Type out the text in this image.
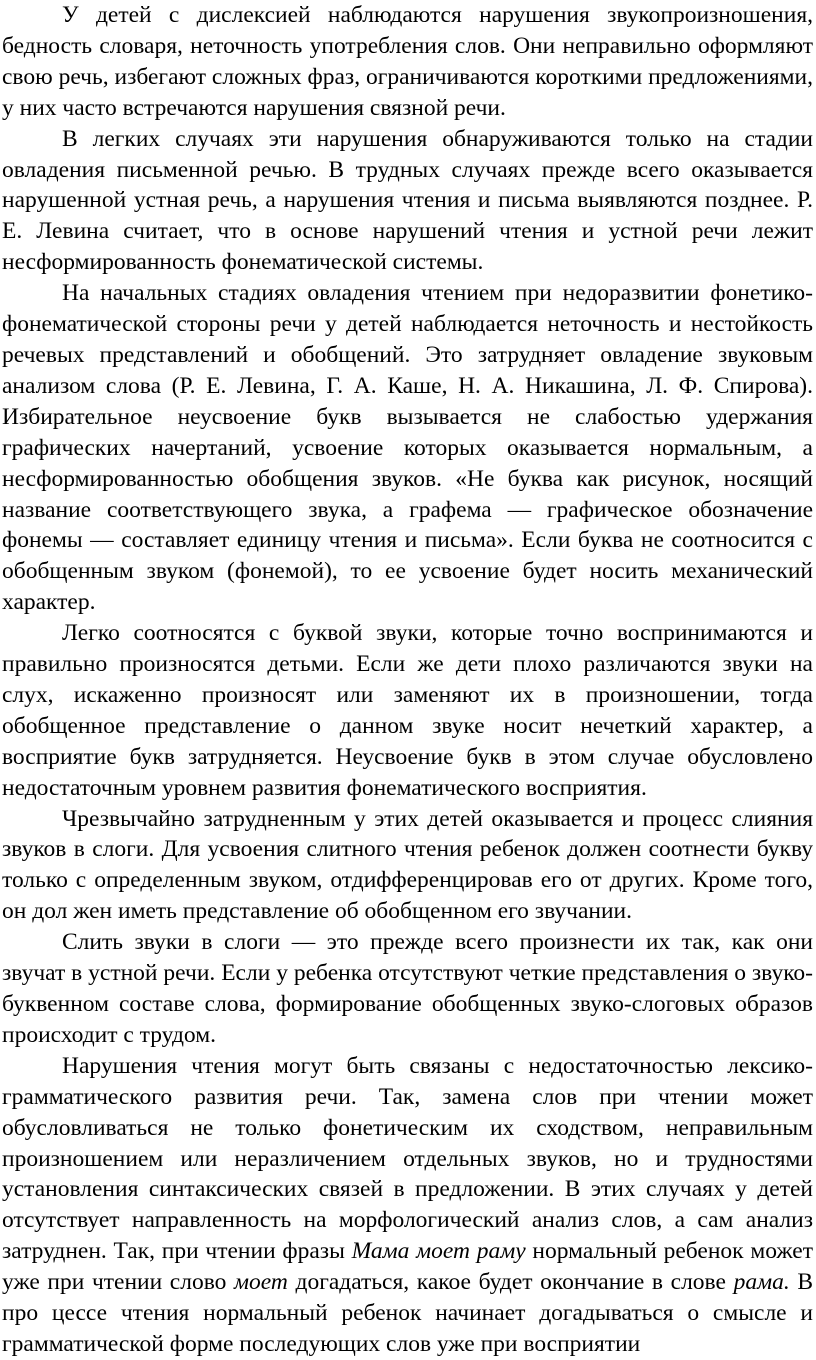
У детей с дислексией наблюдаются нарушения звукопроизношения, бедность словаря, неточность употребления слов. Они неправильно оформляют свою речь, избегают сложных фраз, ограничиваются короткими предложениями, у них часто встречаются нарушения связной речи.

В легких случаях эти нарушения обнаруживаются только на стадии овладения письменной речью. В трудных случаях прежде всего оказывается нарушенной устная речь, а нарушения чтения и письма выявляются позднее. Р. Е. Левина считает, что в основе нарушений чтения и устной речи лежит несформированность фонематической системы.

На начальных стадиях овладения чтением при недоразвитии фонетико-фонематической стороны речи у детей наблюдается неточность и нестойкость речевых представлений и обобщений. Это затрудняет овладение звуковым анализом слова (Р. Е. Левина, Г. А. Каше, Н. А. Никашина, Л. Ф. Спирова). Избирательное неусвоение букв вызывается не слабостью удержания графических начертаний, усвоение которых оказывается нормальным, а несформированностью обобщения звуков. «Не буква как рисунок, носящий название соответствующего звука, а графема — графическое обозначение фонемы — составляет единицу чтения и письма». Если буква не соотносится с обобщенным звуком (фонемой), то ее усвоение будет носить механический характер.

Легко соотносятся с буквой звуки, которые точно воспринимаются и правильно произносятся детьми. Если же дети плохо различаются звуки на слух, искаженно произносят или заменяют их в произношении, тогда обобщенное представление о данном звуке носит нечеткий характер, а восприятие букв затрудняется. Неусвоение букв в этом случае обусловлено недостаточным уровнем развития фонематического восприятия.

Чрезвычайно затрудненным у этих детей оказывается и процесс слияния звуков в слоги. Для усвоения слитного чтения ребенок должен соотнести букву только с определенным звуком, отдифференцировав его от других. Кроме того, он дол жен иметь представление об обобщенном его звучании.

Слить звуки в слоги — это прежде всего произнести их так, как они звучат в устной речи. Если у ребенка отсутствуют четкие представления о звуко-буквенном составе слова, формирование обобщенных звуко-слоговых образов происходит с трудом.

Нарушения чтения могут быть связаны с недостаточностью лексико-грамматического развития речи. Так, замена слов при чтении может обусловливаться не только фонетическим их сходством, неправильным произношением или неразличением отдельных звуков, но и трудностями установления синтаксических связей в предложении. В этих случаях у детей отсутствует направленность на морфологический анализ слов, а сам анализ затруднен. Так, при чтении фразы Мама моет раму нормальный ребенок может уже при чтении слово моет догадаться, какое будет окончание в слове рама. В про цессе чтения нормальный ребенок начинает догадываться о смысле и грамматической форме последующих слов уже при восприятии
